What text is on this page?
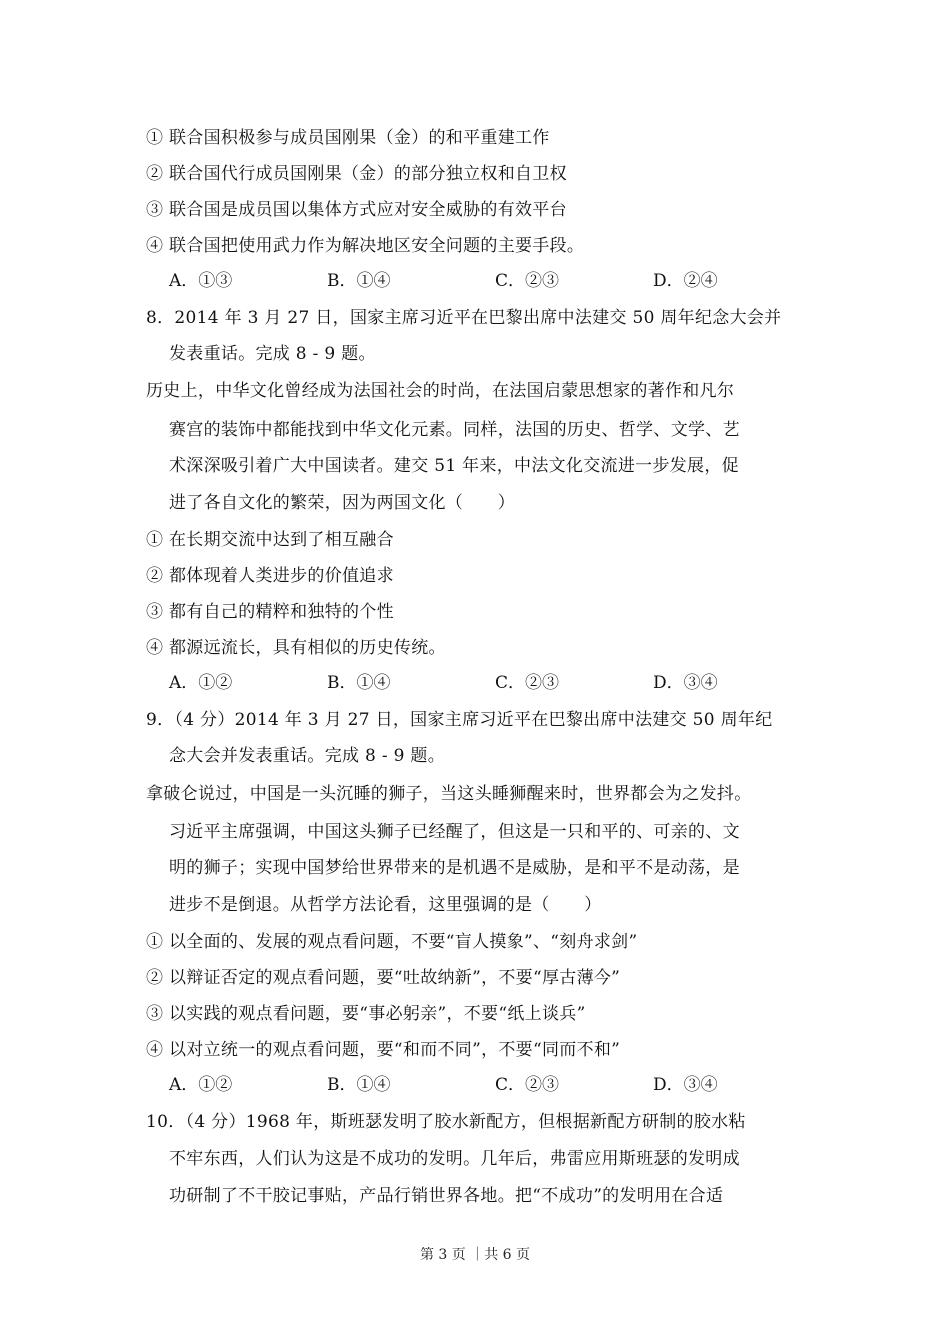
① 联合国积极参与成员国刚果（金）的和平重建工作
② 联合国代行成员国刚果（金）的部分独立权和自卫权
③ 联合国是成员国以集体方式应对安全威胁的有效平台
④ 联合国把使用武力作为解决地区安全问题的主要手段。
A．①③	B．①④	C．②③	D．②④
8．2014 年 3 月 27 日，国家主席习近平在巴黎出席中法建交 50 周年纪念大会并
发表重话。完成 8 ‑ 9 题。
历史上，中华文化曾经成为法国社会的时尚，在法国启蒙思想家的著作和凡尔
赛宫的装饰中都能找到中华文化元素。同样，法国的历史、哲学、文学、艺
术深深吸引着广大中国读者。建交 51 年来，中法文化交流进一步发展，促
进了各自文化的繁荣，因为两国文化（　　）
① 在长期交流中达到了相互融合
② 都体现着人类进步的价值追求
③ 都有自己的精粹和独特的个性
④ 都源远流长，具有相似的历史传统。
A．①②	B．①④	C．②③	D．③④
9．（4 分）2014 年 3 月 27 日，国家主席习近平在巴黎出席中法建交 50 周年纪
念大会并发表重话。完成 8 ‑ 9 题。
拿破仑说过，中国是一头沉睡的狮子，当这头睡狮醒来时，世界都会为之发抖。
习近平主席强调，中国这头狮子已经醒了，但这是一只和平的、可亲的、文
明的狮子；实现中国梦给世界带来的是机遇不是威胁，是和平不是动荡，是
进步不是倒退。从哲学方法论看，这里强调的是（　　）
① 以全面的、发展的观点看问题，不要“盲人摸象”、“刻舟求剑”
② 以辩证否定的观点看问题，要“吐故纳新”，不要“厚古薄今”
③ 以实践的观点看问题，要“事必躬亲”，不要“纸上谈兵”
④ 以对立统一的观点看问题，要“和而不同”，不要“同而不和”
A．①②	B．①④	C．②③	D．③④
10．（4 分）1968 年，斯班瑟发明了胶水新配方，但根据新配方研制的胶水粘
不牢东西，人们认为这是不成功的发明。几年后，弗雷应用斯班瑟的发明成
功研制了不干胶记事贴，产品行销世界各地。把“不成功”的发明用在合适
第 3 页 ｜共 6 页
